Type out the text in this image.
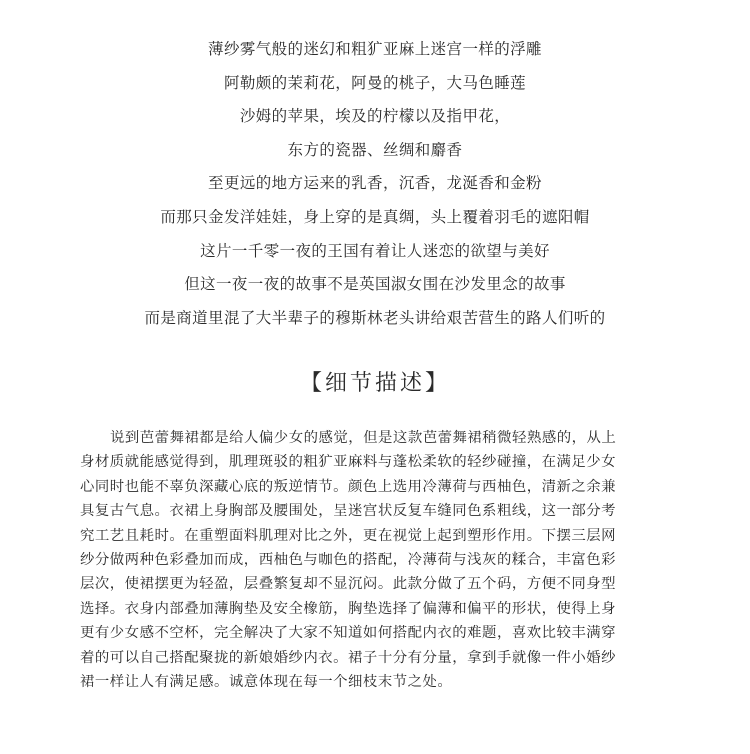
薄纱雾气般的迷幻和粗犷亚麻上迷宫一样的浮雕
阿勒颇的茉莉花，阿曼的桃子，大马色睡莲
沙姆的苹果，埃及的柠檬以及指甲花，
东方的瓷器、丝绸和麝香
至更远的地方运来的乳香，沉香，龙涎香和金粉
而那只金发洋娃娃，身上穿的是真绸，头上覆着羽毛的遮阳帽
这片一千零一夜的王国有着让人迷恋的欲望与美好
但这一夜一夜的故事不是英国淑女围在沙发里念的故事
而是商道里混了大半辈子的穆斯林老头讲给艰苦营生的路人们听的
【细节描述】
说到芭蕾舞裙都是给人偏少女的感觉，但是这款芭蕾舞裙稍微轻熟感的，从上
身材质就能感觉得到，肌理斑驳的粗犷亚麻料与蓬松柔软的轻纱碰撞，在满足少女
心同时也能不辜负深藏心底的叛逆情节。颜色上选用冷薄荷与西柚色，清新之余兼
具复古气息。衣裙上身胸部及腰围处，呈迷宫状反复车缝同色系粗线，这一部分考
究工艺且耗时。在重塑面料肌理对比之外，更在视觉上起到塑形作用。下摆三层网
纱分做两种色彩叠加而成，西柚色与咖色的搭配，冷薄荷与浅灰的糅合，丰富色彩
层次，使裙摆更为轻盈，层叠繁复却不显沉闷。此款分做了五个码，方便不同身型
选择。衣身内部叠加薄胸垫及安全橡筋，胸垫选择了偏薄和偏平的形状，使得上身
更有少女感不空杯，完全解决了大家不知道如何搭配内衣的难题，喜欢比较丰满穿
着的可以自己搭配聚拢的新娘婚纱内衣。裙子十分有分量，拿到手就像一件小婚纱
裙一样让人有满足感。诚意体现在每一个细枝末节之处。
